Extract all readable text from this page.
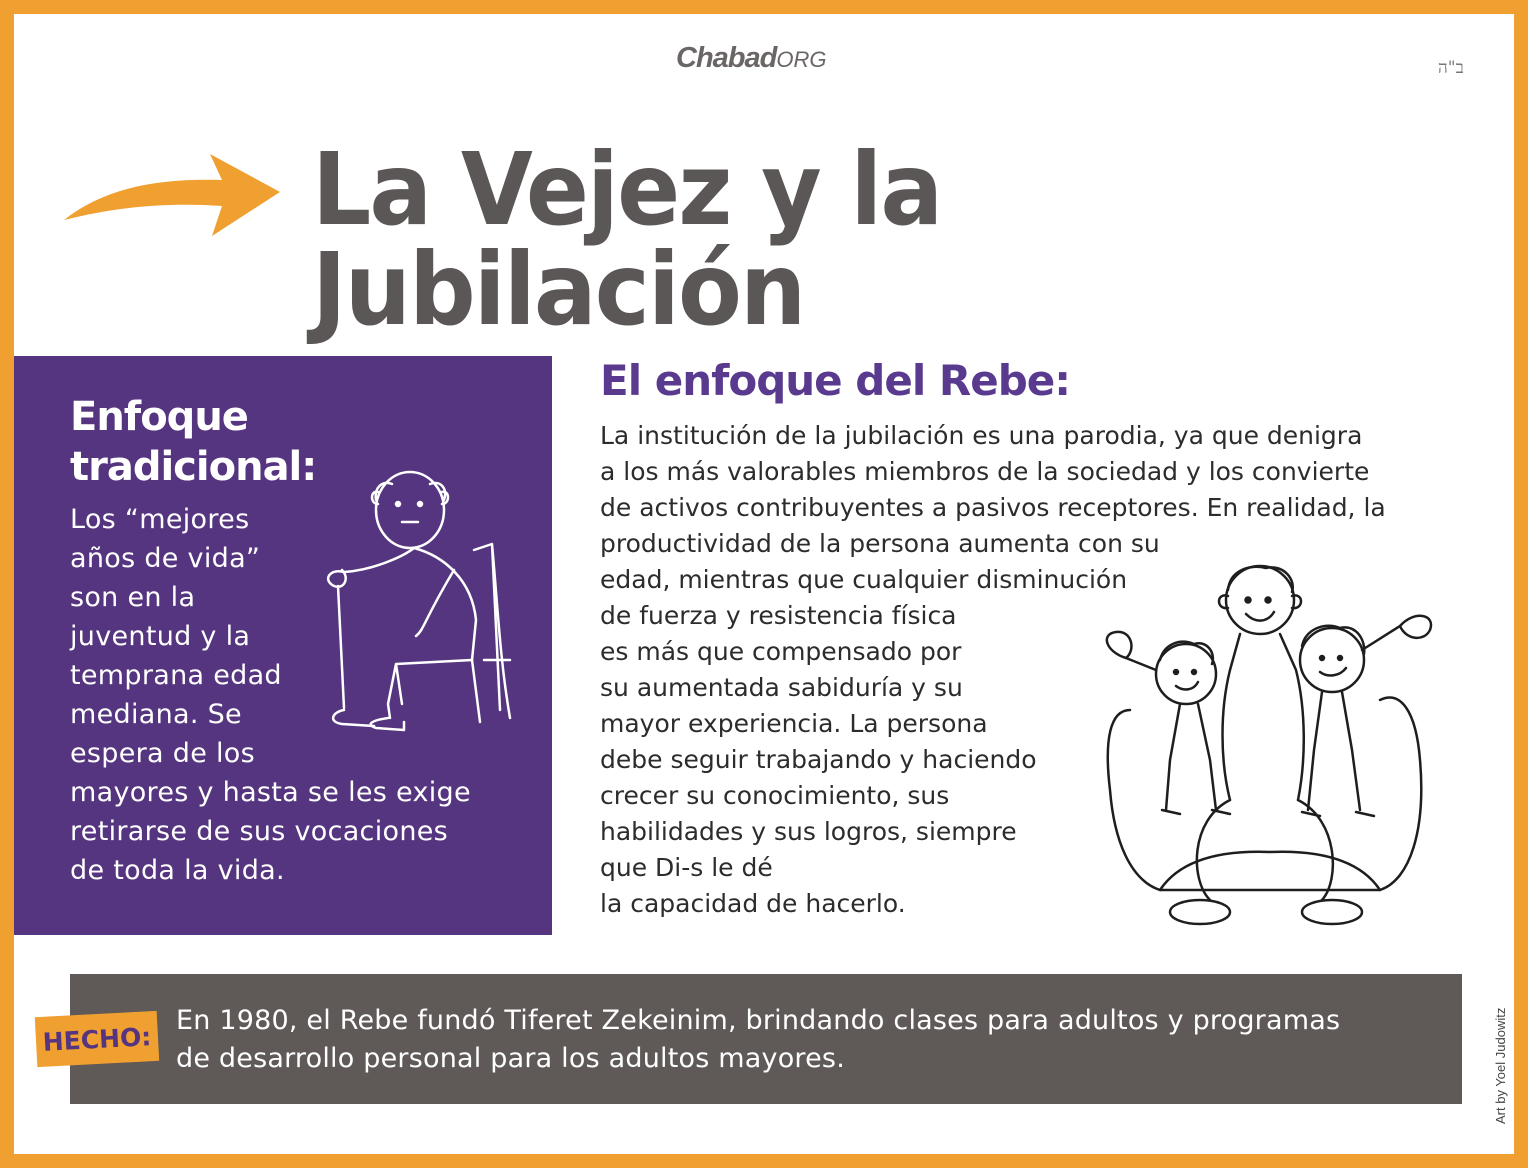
ChabadORG	ב"ה
La Vejez y la Jubilación
Enfoque
tradicional:
Los “mejores
años de vida”
son en la
juventud y la
temprana edad
mediana. Se
espera de los
mayores y hasta se les exige
retirarse de sus vocaciones
de toda la vida.
El enfoque del Rebe:
La institución de la jubilación es una parodia, ya que denigra
a los más valorables miembros de la sociedad y los convierte
de activos contribuyentes a pasivos receptores. En realidad, la
productividad de la persona aumenta con su
edad, mientras que cualquier disminución
de fuerza y resistencia física
es más que compensado por
su aumentada sabiduría y su
mayor experiencia. La persona
debe seguir trabajando y haciendo
crecer su conocimiento, sus
habilidades y sus logros, siempre
que Di-s le dé
la capacidad de hacerlo.
HECHO:
En 1980, el Rebe fundó Tiferet Zekeinim, brindando clases para adultos y programas
de desarrollo personal para los adultos mayores.	Art by Yoel Judowitz
